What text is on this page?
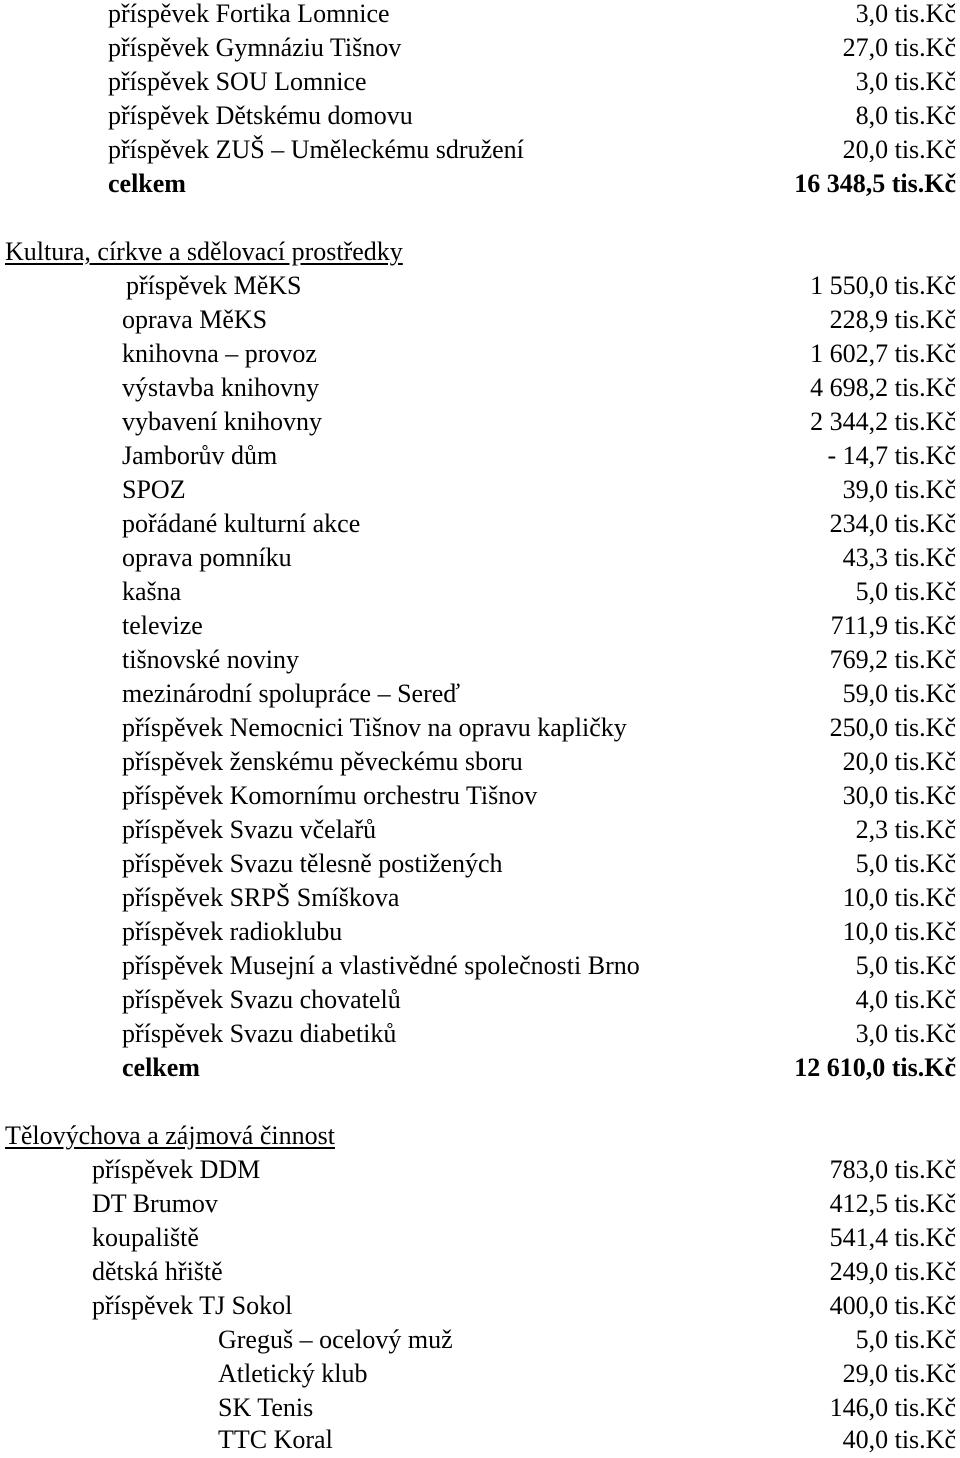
příspěvek Fortika Lomnice	3,0 tis.Kč
příspěvek Gymnáziu Tišnov	27,0 tis.Kč
příspěvek SOU Lomnice	3,0 tis.Kč
příspěvek Dětskému domovu	8,0 tis.Kč
příspěvek ZUŠ – Uměleckému sdružení	20,0 tis.Kč
celkem	16 348,5 tis.Kč
Kultura, církve a sdělovací prostředky
příspěvek MěKS	1 550,0 tis.Kč
oprava MěKS	228,9 tis.Kč
knihovna – provoz	1 602,7 tis.Kč
výstavba knihovny	4 698,2 tis.Kč
vybavení knihovny	2 344,2 tis.Kč
Jamborův dům	- 14,7 tis.Kč
SPOZ	39,0 tis.Kč
pořádané kulturní akce	234,0 tis.Kč
oprava pomníku	43,3 tis.Kč
kašna	5,0 tis.Kč
televize	711,9 tis.Kč
tišnovské noviny	769,2 tis.Kč
mezinárodní spolupráce – Sereď	59,0 tis.Kč
příspěvek Nemocnici Tišnov na opravu kapličky	250,0 tis.Kč
příspěvek ženskému pěveckému sboru	20,0 tis.Kč
příspěvek Komornímu orchestru Tišnov	30,0 tis.Kč
příspěvek Svazu včelařů	2,3 tis.Kč
příspěvek Svazu tělesně postižených	5,0 tis.Kč
příspěvek SRPŠ Smíškova	10,0 tis.Kč
příspěvek radioklubu	10,0 tis.Kč
příspěvek Musejní a vlastivědné společnosti Brno	5,0 tis.Kč
příspěvek Svazu chovatelů	4,0 tis.Kč
příspěvek Svazu diabetiků	3,0 tis.Kč
celkem	12 610,0 tis.Kč
Tělovýchova a zájmová činnost
příspěvek DDM	783,0 tis.Kč
DT Brumov	412,5 tis.Kč
koupaliště	541,4 tis.Kč
dětská hřiště	249,0 tis.Kč
příspěvek TJ Sokol	400,0 tis.Kč
Greguš – ocelový muž	5,0 tis.Kč
Atletický klub	29,0 tis.Kč
SK Tenis	146,0 tis.Kč
TTC Koral	40,0 tis.Kč
